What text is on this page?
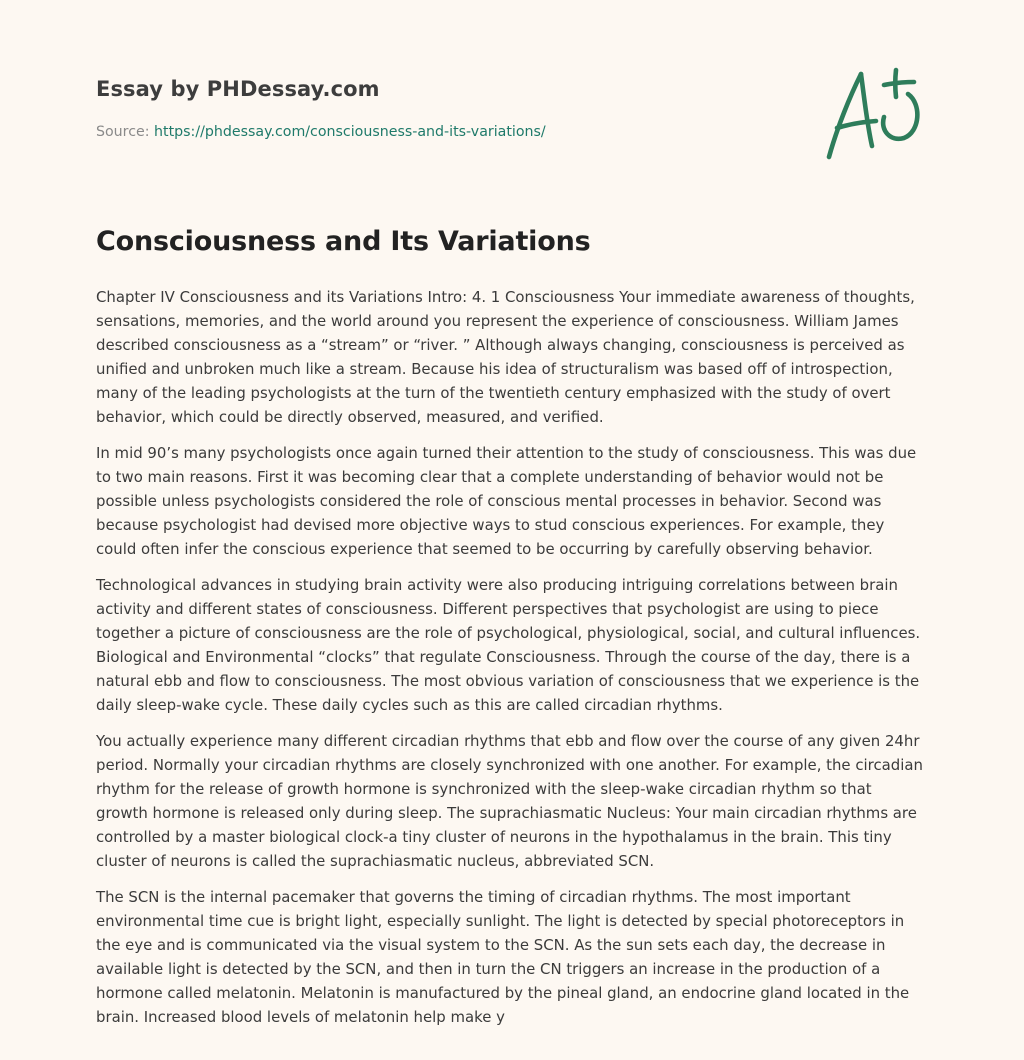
Essay by PHDessay.com
Source: https://phdessay.com/consciousness-and-its-variations/
Consciousness and Its Variations

Chapter IV Consciousness and its Variations Intro: 4. 1 Consciousness Your immediate awareness of thoughts, sensations, memories, and the world around you represent the experience of consciousness. William James described consciousness as a “stream” or “river. ” Although always changing, consciousness is perceived as unified and unbroken much like a stream. Because his idea of structuralism was based off of introspection, many of the leading psychologists at the turn of the twentieth century emphasized with the study of overt behavior, which could be directly observed, measured, and verified.

In mid 90’s many psychologists once again turned their attention to the study of consciousness. This was due to two main reasons. First it was becoming clear that a complete understanding of behavior would not be possible unless psychologists considered the role of conscious mental processes in behavior. Second was because psychologist had devised more objective ways to stud conscious experiences. For example, they could often infer the conscious experience that seemed to be occurring by carefully observing behavior.

Technological advances in studying brain activity were also producing intriguing correlations between brain activity and different states of consciousness. Different perspectives that psychologist are using to piece together a picture of consciousness are the role of psychological, physiological, social, and cultural influences. Biological and Environmental “clocks” that regulate Consciousness. Through the course of the day, there is a natural ebb and flow to consciousness. The most obvious variation of consciousness that we experience is the daily sleep-wake cycle. These daily cycles such as this are called circadian rhythms.

You actually experience many different circadian rhythms that ebb and flow over the course of any given 24hr period. Normally your circadian rhythms are closely synchronized with one another. For example, the circadian rhythm for the release of growth hormone is synchronized with the sleep-wake circadian rhythm so that growth hormone is released only during sleep. The suprachiasmatic Nucleus: Your main circadian rhythms are controlled by a master biological clock-a tiny cluster of neurons in the hypothalamus in the brain. This tiny cluster of neurons is called the suprachiasmatic nucleus, abbreviated SCN.

The SCN is the internal pacemaker that governs the timing of circadian rhythms. The most important environmental time cue is bright light, especially sunlight. The light is detected by special photoreceptors in the eye and is communicated via the visual system to the SCN. As the sun sets each day, the decrease in available light is detected by the SCN, and then in turn the CN triggers an increase in the production of a hormone called melatonin. Melatonin is manufactured by the pineal gland, an endocrine gland located in the brain. Increased blood levels of melatonin help make y
